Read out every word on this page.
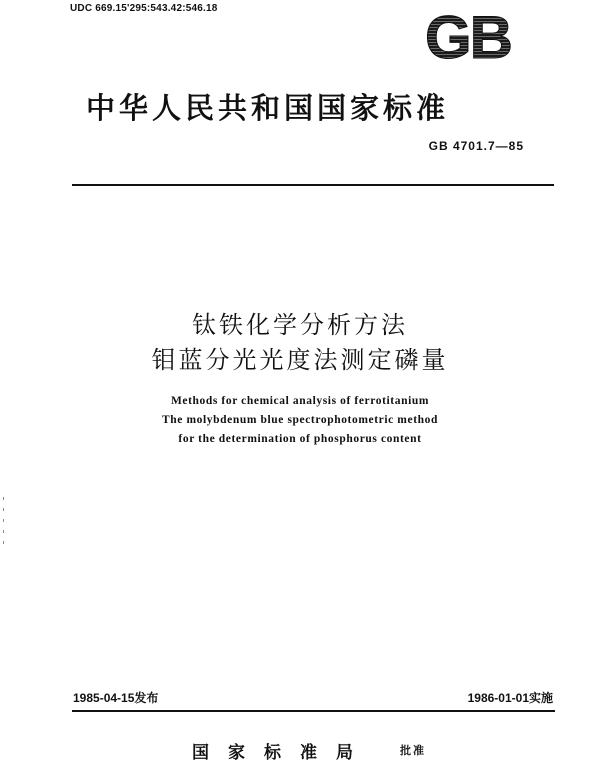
UDC 669.15'295:543.42:546.18	GB
中华人民共和国国家标准
GB 4701.7—85
钛铁化学分析方法
钼蓝分光光度法测定磷量
Methods for chemical analysis of ferrotitanium
The molybdenum blue spectrophotometric method
for the determination of phosphorus content
1985-04-15发布	1986-01-01实施
国家标准局	批准
